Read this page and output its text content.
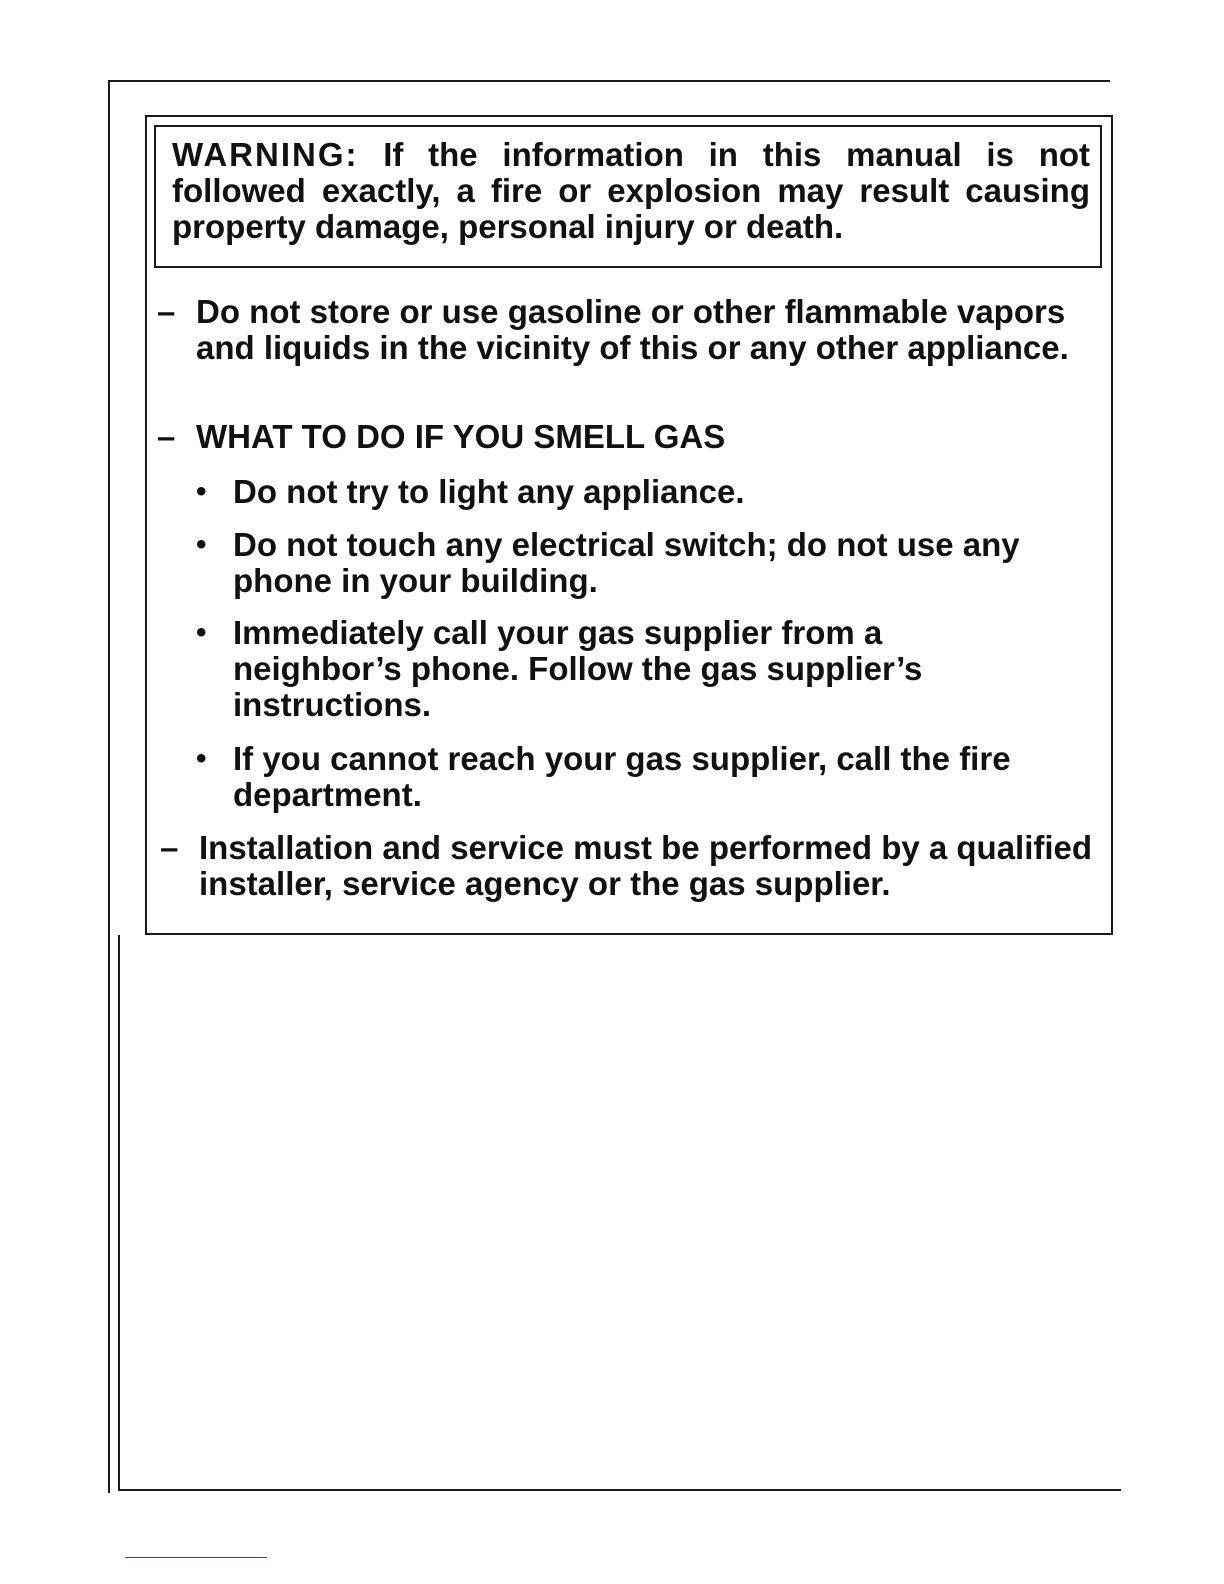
WARNING: If the information in this manual is not followed exactly, a fire or explosion may result causing property damage, personal injury or death.
– Do not store or use gasoline or other flammable vapors and liquids in the vicinity of this or any other appliance.
– WHAT TO DO IF YOU SMELL GAS
• Do not try to light any appliance.
• Do not touch any electrical switch; do not use any phone in your building.
• Immediately call your gas supplier from a neighbor’s phone. Follow the gas supplier’s instructions.
• If you cannot reach your gas supplier, call the fire department.
– Installation and service must be performed by a qualified installer, service agency or the gas supplier.
